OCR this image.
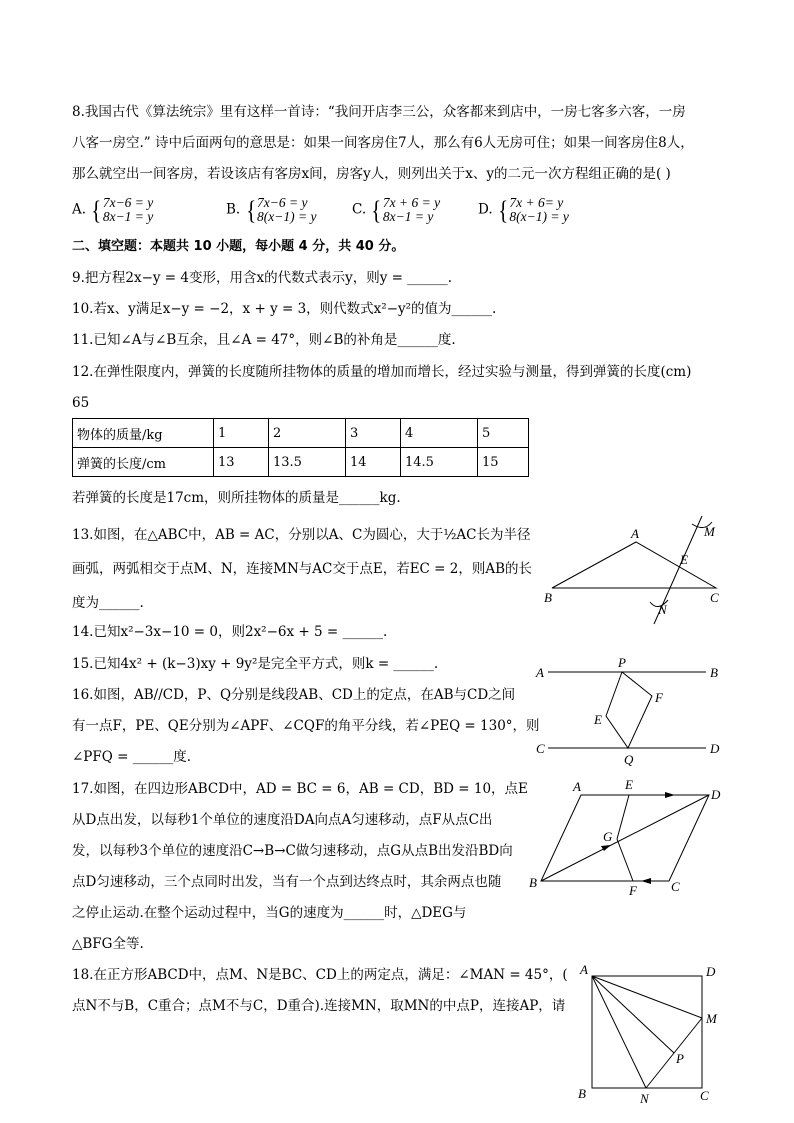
8.我国古代《算法统宗》里有这样一首诗：“我问开店李三公，众客都来到店中，一房七客多六客，一房
八客一房空.” 诗中后面两句的意思是：如果一间客房住7人，那么有6人无房可住；如果一间客房住8人，
那么就空出一间客房，若设该店有客房x间，房客y人，则列出关于x、y的二元一次方程组正确的是( )
A. {7x−6 = y
8x−1 = y	B. {7x−6 = y
8(x−1) = y	C. {7x + 6 = y
8x−1 = y	D. {7x + 6= y
8(x−1) = y
二、填空题：本题共 10 小题，每小题 4 分，共 40 分。
9.把方程2x−y = 4变形，用含x的代数式表示y，则y = ______.
10.若x、y满足x−y = −2，x + y = 3，则代数式x²−y²的值为______.
11.已知∠A与∠B互余，且∠A = 47°，则∠B的补角是______度.
12.在弹性限度内，弹簧的长度随所挂物体的质量的增加而增长，经过实验与测量，得到弹簧的长度(cm)
65
物体的质量/kg	1	2	3	4	5
弹簧的长度/cm	13	13.5	14	14.5	15
若弹簧的长度是17cm，则所挂物体的质量是______kg.
13.如图，在△ABC中，AB = AC，分别以A、C为圆心，大于½AC长为半径
画弧，两弧相交于点M、N，连接MN与AC交于点E，若EC = 2，则AB的长
度为______.
A
B	C
E
M
N
14.已知x²−3x−10 = 0，则2x²−6x + 5 = ______.
15.已知4x² + (k−3)xy + 9y²是完全平方式，则k = ______.
16.如图，AB//CD，P、Q分别是线段AB、CD上的定点，在AB与CD之间
有一点F，PE、QE分别为∠APF、∠CQF的角平分线，若∠PEQ = 130°，则
∠PFQ = ______度.
A
P
B
F
E
C
Q
D
17.如图，在四边形ABCD中，AD = BC = 6，AB = CD，BD = 10，点E
从D点出发，以每秒1个单位的速度沿DA向点A匀速移动，点F从点C出
发，以每秒3个单位的速度沿C→B→C做匀速移动，点G从点B出发沿BD向
点D匀速移动，三个点同时出发，当有一个点到达终点时，其余两点也随
之停止运动.在整个运动过程中，当G的速度为______时，△DEG与
△BFG全等.
A	E
D
G
B
F	C
18.在正方形ABCD中，点M、N是BC、CD上的两定点，满足：∠MAN = 45°，(
点N不与B，C重合；点M不与C，D重合).连接MN，取MN的中点P，连接AP，请
A	D
M
P
B	N	C
